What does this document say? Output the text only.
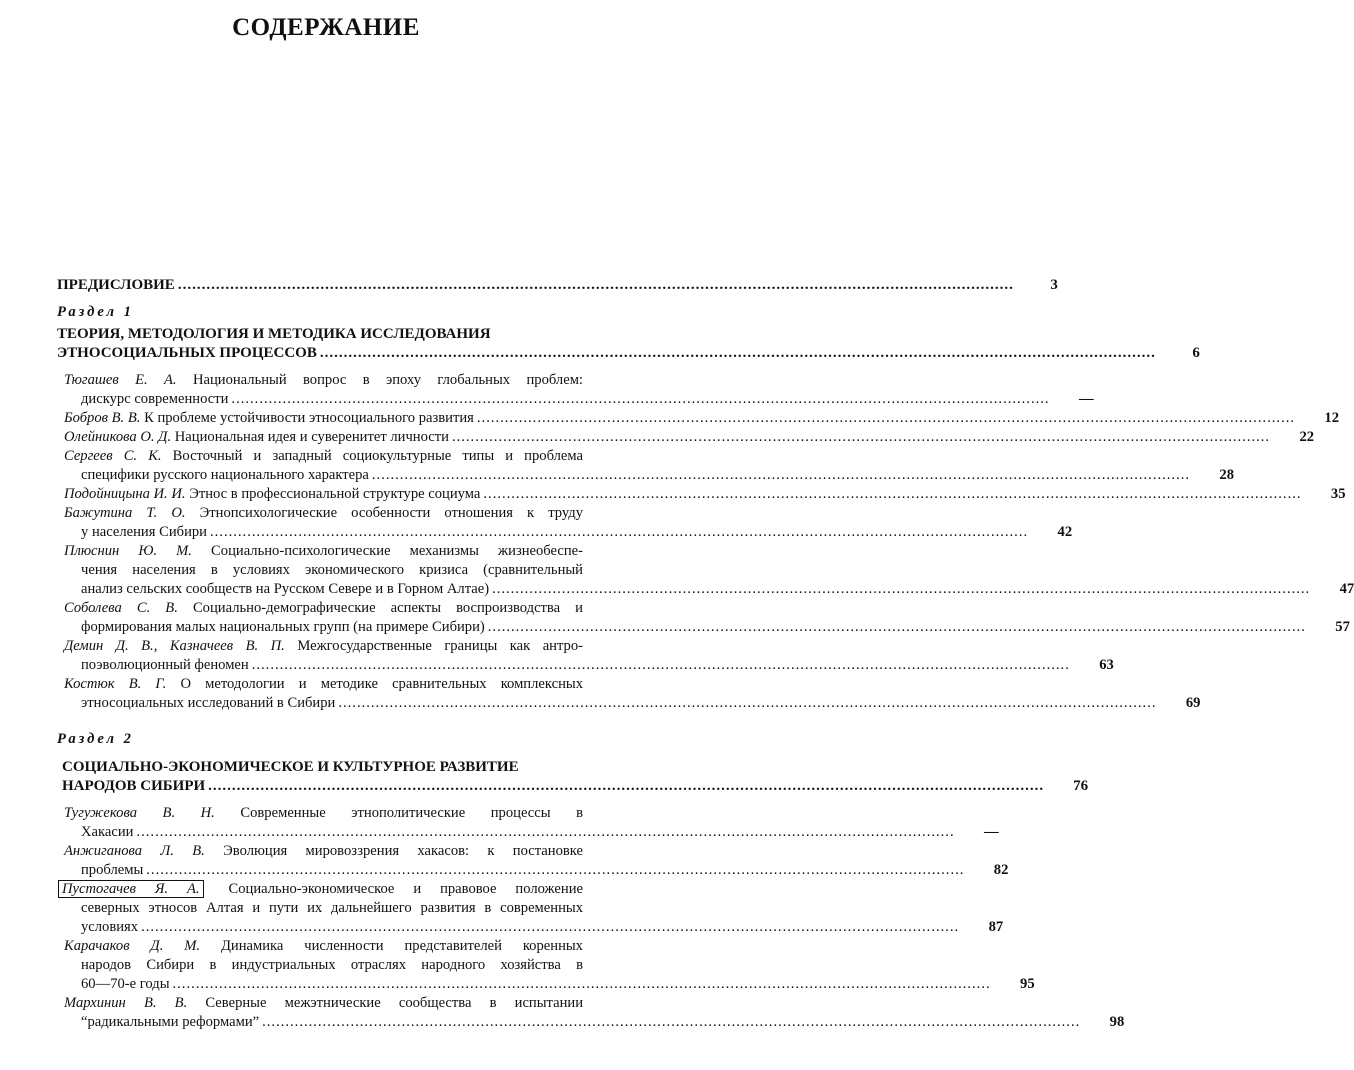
СОДЕРЖАНИЕ
ПРЕДИСЛОВИЕ .....	3
Раздел 1
ТЕОРИЯ, МЕТОДОЛОГИЯ И МЕТОДИКА ИССЛЕДОВАНИЯ
ЭТНОСОЦИАЛЬНЫХ ПРОЦЕССОВ .....	6
Тюгашев Е. А. Национальный вопрос в эпоху глобальных проблем:
дискурс современности .....	—
Бобров В. В. К проблеме устойчивости этносоциального развития .....	12
Олейникова О. Д. Национальная идея и суверенитет личности .....	22
Сергеев С. К. Восточный и западный социокультурные типы и проблема
специфики русского национального характера .....	28
Подойницына И. И. Этнос в профессиональной структуре социума .....	35
Бажутина Т. О. Этнопсихологические особенности отношения к труду
у населения Сибири .....	42
Плюснин Ю. М. Социально-психологические механизмы жизнеобеспе-
чения населения в условиях экономического кризиса (сравнительный
анализ сельских сообществ на Русском Севере и в Горном Алтае) .....	47
Соболева С. В. Социально-демографические аспекты воспроизводства и
формирования малых национальных групп (на примере Сибири) .....	57
Демин Д. В., Казначеев В. П. Межгосударственные границы как антро-
поэволюционный феномен .....	63
Костюк В. Г. О методологии и методике сравнительных комплексных
этносоциальных исследований в Сибири .....	69
Раздел 2
СОЦИАЛЬНО-ЭКОНОМИЧЕСКОЕ И КУЛЬТУРНОЕ РАЗВИТИЕ
НАРОДОВ СИБИРИ .....	76
Тугужекова В. Н. Современные этнополитические процессы в
Хакасии .....	—
Анжиганова Л. В. Эволюция мировоззрения хакасов: к постановке
проблемы .....	82
Пустогачев Я. А. Социально-экономическое и правовое положение
северных этносов Алтая и пути их дальнейшего развития в современных
условиях .....	87
Карачаков Д. М. Динамика численности представителей коренных
народов Сибири в индустриальных отраслях народного хозяйства в
60—70-е годы .....	95
Мархинин В. В. Северные межэтнические сообщества в испытании
“радикальными реформами” .....	98
